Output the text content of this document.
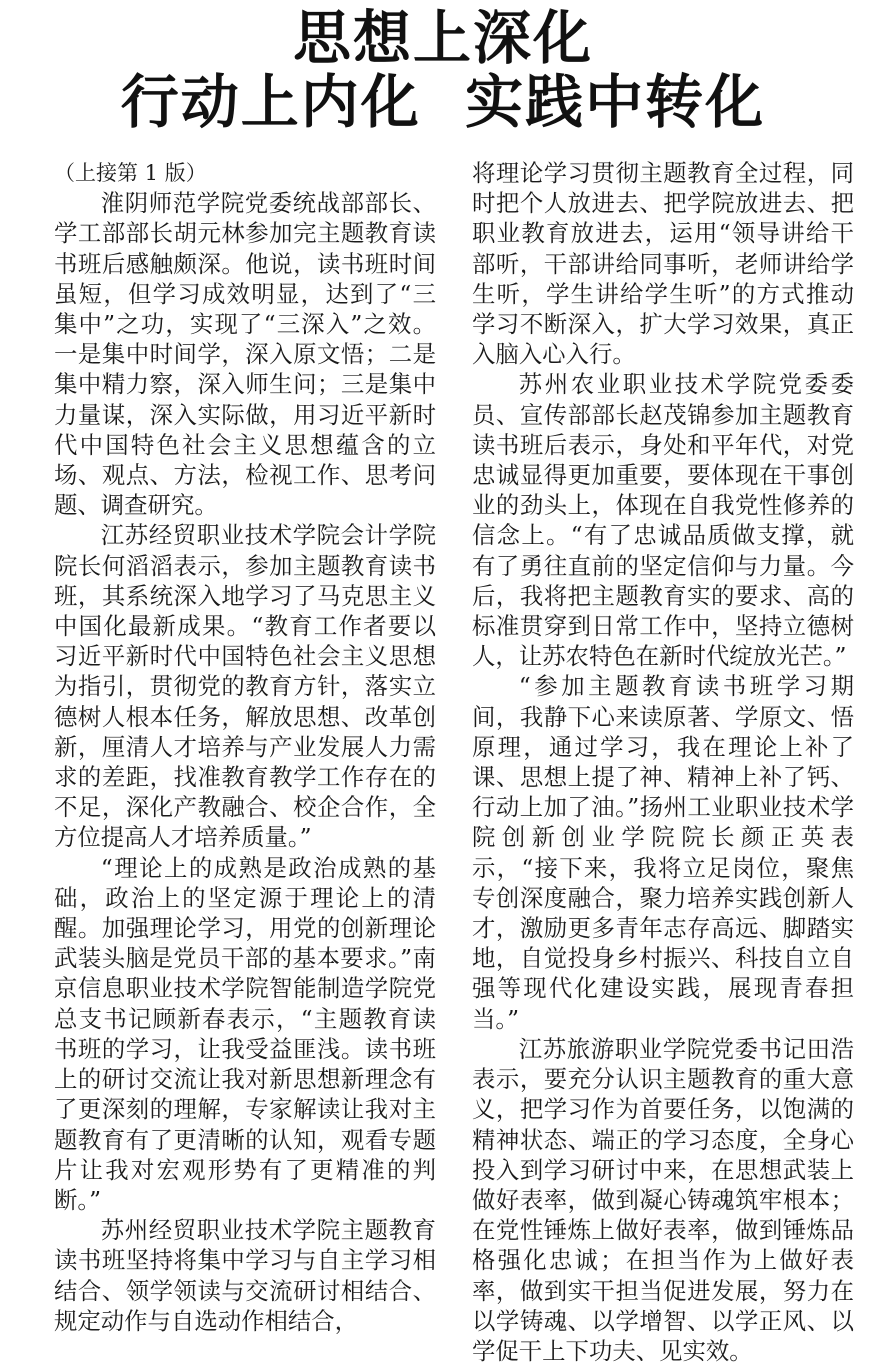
思想上深化
行动上内化  实践中转化

（上接第 1 版）

淮阴师范学院党委统战部部长、学工部部长胡元林参加完主题教育读书班后感触颇深。他说，读书班时间虽短，但学习成效明显，达到了“三集中”之功，实现了“三深入”之效。一是集中时间学，深入原文悟；二是集中精力察，深入师生问；三是集中力量谋，深入实际做，用习近平新时代中国特色社会主义思想蕴含的立场、观点、方法，检视工作、思考问题、调查研究。

江苏经贸职业技术学院会计学院院长何滔滔表示，参加主题教育读书班，其系统深入地学习了马克思主义中国化最新成果。“教育工作者要以习近平新时代中国特色社会主义思想为指引，贯彻党的教育方针，落实立德树人根本任务，解放思想、改革创新，厘清人才培养与产业发展人力需求的差距，找准教育教学工作存在的不足，深化产教融合、校企合作，全方位提高人才培养质量。”

“理论上的成熟是政治成熟的基础，政治上的坚定源于理论上的清醒。加强理论学习，用党的创新理论武装头脑是党员干部的基本要求。”南京信息职业技术学院智能制造学院党总支书记顾新春表示，“主题教育读书班的学习，让我受益匪浅。读书班上的研讨交流让我对新思想新理念有了更深刻的理解，专家解读让我对主题教育有了更清晰的认知，观看专题片让我对宏观形势有了更精准的判断。”

苏州经贸职业技术学院主题教育读书班坚持将集中学习与自主学习相结合、领学领读与交流研讨相结合、规定动作与自选动作相结合，

将理论学习贯彻主题教育全过程，同时把个人放进去、把学院放进去、把职业教育放进去，运用“领导讲给干部听，干部讲给同事听，老师讲给学生听，学生讲给学生听”的方式推动学习不断深入，扩大学习效果，真正入脑入心入行。

苏州农业职业技术学院党委委员、宣传部部长赵茂锦参加主题教育读书班后表示，身处和平年代，对党忠诚显得更加重要，要体现在干事创业的劲头上，体现在自我党性修养的信念上。“有了忠诚品质做支撑，就有了勇往直前的坚定信仰与力量。今后，我将把主题教育实的要求、高的标准贯穿到日常工作中，坚持立德树人，让苏农特色在新时代绽放光芒。”

“参加主题教育读书班学习期间，我静下心来读原著、学原文、悟原理，通过学习，我在理论上补了课、思想上提了神、精神上补了钙、行动上加了油。”扬州工业职业技术学院创新创业学院院长颜正英表示，“接下来，我将立足岗位，聚焦专创深度融合，聚力培养实践创新人才，激励更多青年志存高远、脚踏实地，自觉投身乡村振兴、科技自立自强等现代化建设实践，展现青春担当。”

江苏旅游职业学院党委书记田浩表示，要充分认识主题教育的重大意义，把学习作为首要任务，以饱满的精神状态、端正的学习态度，全身心投入到学习研讨中来，在思想武装上做好表率，做到凝心铸魂筑牢根本；在党性锤炼上做好表率，做到锤炼品格强化忠诚；在担当作为上做好表率，做到实干担当促进发展，努力在以学铸魂、以学增智、以学正风、以学促干上下功夫、见实效。
